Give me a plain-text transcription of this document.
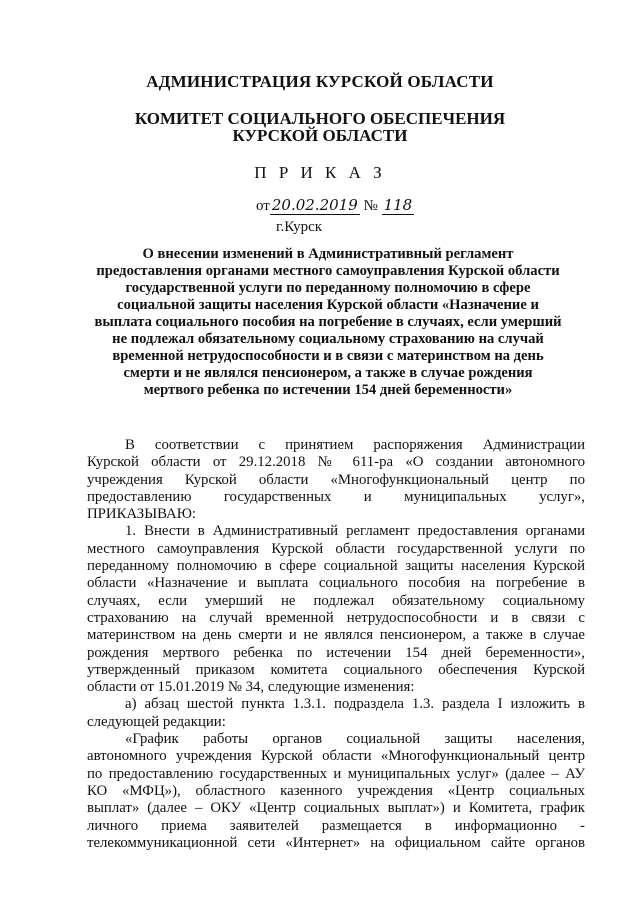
АДМИНИСТРАЦИЯ КУРСКОЙ ОБЛАСТИ
КОМИТЕТ СОЦИАЛЬНОГО ОБЕСПЕЧЕНИЯ
КУРСКОЙ ОБЛАСТИ
П Р И К А З
от 20.02.2019 № 118
г.Курск
О внесении изменений в Административный регламент
предоставления органами местного самоуправления Курской области
государственной услуги по переданному полномочию в сфере
социальной защиты населения Курской области «Назначение и
выплата социального пособия на погребение в случаях, если умерший
не подлежал обязательному социальному страхованию на случай
временной нетрудоспособности и в связи с материнством на день
смерти и не являлся пенсионером, а также в случае рождения
мертвого ребенка по истечении 154 дней беременности»
В соответствии с принятием распоряжения Администрации
Курской области от 29.12.2018 № 611-ра «О создании автономного
учреждения Курской области «Многофункциональный центр по
предоставлению государственных и муниципальных услуг»,
ПРИКАЗЫВАЮ:
1. Внести в Административный регламент предоставления органами
местного самоуправления Курской области государственной услуги по
переданному полномочию в сфере социальной защиты населения Курской
области «Назначение и выплата социального пособия на погребение в
случаях, если умерший не подлежал обязательному социальному
страхованию на случай временной нетрудоспособности и в связи с
материнством на день смерти и не являлся пенсионером, а также в случае
рождения мертвого ребенка по истечении 154 дней беременности»,
утвержденный приказом комитета социального обеспечения Курской
области от 15.01.2019 № 34, следующие изменения:
а) абзац шестой пункта 1.3.1. подраздела 1.3. раздела I изложить в
следующей редакции:
«График работы органов социальной защиты населения,
автономного учреждения Курской области «Многофункциональный центр
по предоставлению государственных и муниципальных услуг» (далее – АУ
КО «МФЦ»), областного казенного учреждения «Центр социальных
выплат» (далее – ОКУ «Центр социальных выплат») и Комитета, график
личного приема заявителей размещается в информационно -
телекоммуникационной сети «Интернет» на официальном сайте органов
